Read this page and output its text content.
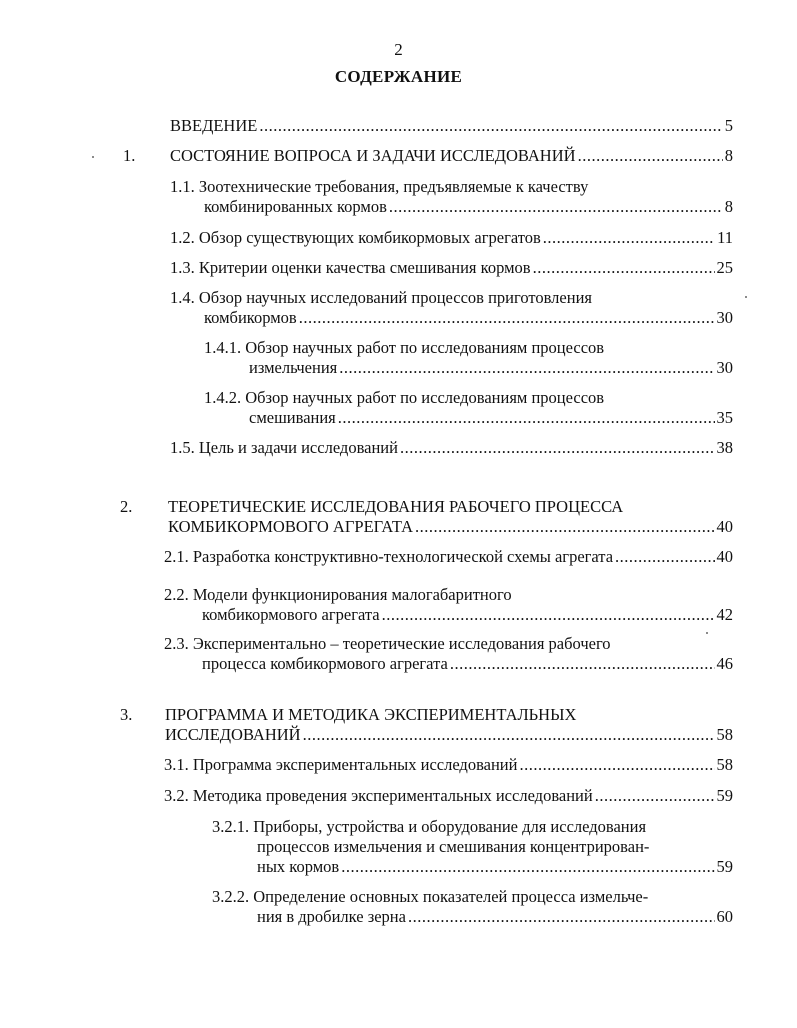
2
СОДЕРЖАНИЕ
ВВЕДЕНИЕ .....	5
1. СОСТОЯНИЕ ВОПРОСА И ЗАДАЧИ ИССЛЕДОВАНИЙ .....	8
1.1. Зоотехнические требования, предъявляемые к качеству
комбинированных кормов .....	8
1.2. Обзор существующих комбикормовых агрегатов .....	11
1.3. Критерии оценки качества смешивания кормов .....	25
1.4. Обзор научных исследований процессов приготовления
комбикормов .....	30
1.4.1. Обзор научных работ по исследованиям процессов
измельчения .....	30
1.4.2. Обзор научных работ по исследованиям процессов
смешивания .....	35
1.5. Цель и задачи исследований .....	38
2. ТЕОРЕТИЧЕСКИЕ ИССЛЕДОВАНИЯ РАБОЧЕГО ПРОЦЕССА
КОМБИКОРМОВОГО АГРЕГАТА .....	40
2.1. Разработка конструктивно-технологической схемы агрегата .....	40
2.2. Модели функционирования малогабаритного
комбикормового агрегата .....	42
2.3. Экспериментально – теоретические исследования рабочего
процесса комбикормового агрегата .....	46
3. ПРОГРАММА И МЕТОДИКА ЭКСПЕРИМЕНТАЛЬНЫХ
ИССЛЕДОВАНИЙ .....	58
3.1. Программа экспериментальных исследований .....	58
3.2. Методика проведения экспериментальных исследований .....	59
3.2.1. Приборы, устройства и оборудование для исследования
процессов измельчения и смешивания концентрирован-
ных кормов .....	59
3.2.2. Определение основных показателей процесса измельче-
ния в дробилке зерна .....	60
